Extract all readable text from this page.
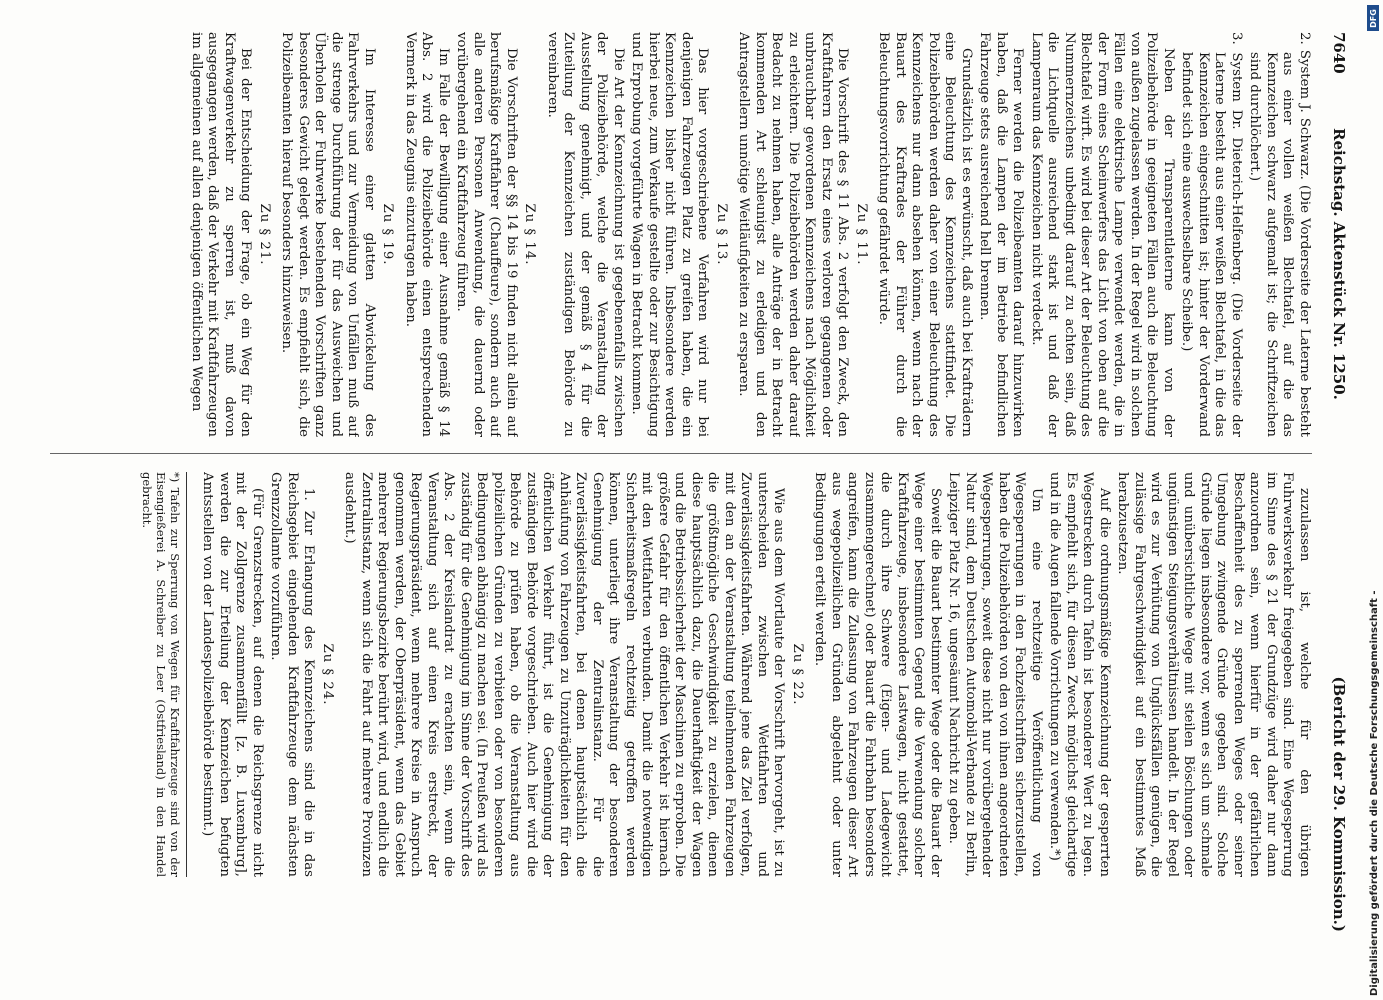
7640
Reichstag. Aktenstück Nr. 1250.
(Bericht der 29. Kommission.)

2. System J. Schwarz. (Die Vorderseite der Laterne besteht aus einer vollen weißen Blechtafel, auf die das Kennzeichen schwarz aufgemalt ist; die Schriftzeichen sind durchlöchert.)

3. System Dr. Dieterich-Helfenberg. (Die Vorderseite der Laterne besteht aus einer weißen Blechtafel, in die das Kennzeichen eingeschnitten ist; hinter der Vorderwand befindet sich eine auswechselbare Scheibe.)

Neben der Transparentlaterne kann von der Polizeibehörde in geeigneten Fällen auch die Beleuchtung von außen zugelassen werden. In der Regel wird in solchen Fällen eine elektrische Lampe verwendet werden, die in der Form eines Scheinwerfers das Licht von oben auf die Blechtafel wirft. Es wird bei dieser Art der Beleuchtung des Nummernzeichens unbedingt darauf zu achten sein, daß die Lichtquelle ausreichend stark ist und daß der Lampenraum das Kennzeichen nicht verdeckt.

Ferner werden die Polizeibeamten darauf hinzuwirken haben, daß die Lampen der im Betriebe befindlichen Fahrzeuge stets ausreichend hell brennen.

Grundsätzlich ist es erwünscht, daß auch bei Krafträdern eine Beleuchtung des Kennzeichens stattfindet. Die Polizeibehörden werden daher von einer Beleuchtung des Kennzeichens nur dann absehen können, wenn nach der Bauart des Kraftrades der Führer durch die Beleuchtungsvorrichtung gefährdet würde.

Zu § 11.

Die Vorschrift des § 11 Abs. 2 verfolgt den Zweck, den Kraftfahrern den Ersatz eines verloren gegangenen oder unbrauchbar gewordenen Kennzeichens nach Möglichkeit zu erleichtern. Die Polizeibehörden werden daher darauf Bedacht zu nehmen haben, alle Anträge der in Betracht kommenden Art schleunigst zu erledigen und den Antragstellern unnötige Weitläufigkeiten zu ersparen.

Zu § 13.

Das hier vorgeschriebene Verfahren wird nur bei denjenigen Fahrzeugen Platz zu greifen haben, die ein Kennzeichen bisher nicht führen. Insbesondere werden hierbei neue, zum Verkaufe gestellte oder zur Besichtigung und Erprobung vorgeführte Wagen in Betracht kommen.

Die Art der Kennzeichnung ist gegebenenfalls zwischen der Polizeibehörde, welche die Veranstaltung der Ausstellung genehmigt, und der gemäß § 4 für die Zuteilung der Kennzeichen zuständigen Behörde zu vereinbaren.

Zu § 14.

Die Vorschriften der §§ 14 bis 19 finden nicht allein auf berufsmäßige Kraftfahrer (Chauffeure), sondern auch auf alle anderen Personen Anwendung, die dauernd oder vorübergehend ein Kraftfahrzeug führen.

Im Falle der Bewilligung einer Ausnahme gemäß § 14 Abs. 2 wird die Polizeibehörde einen entsprechenden Vermerk in das Zeugnis einzutragen haben.

Zu § 19.

Im Interesse einer glatten Abwickelung des Fahrverkehrs und zur Vermeidung von Unfällen muß auf die strenge Durchführung der für das Ausweichen und Überholen der Fuhrwerke bestehenden Vorschriften ganz besonderes Gewicht gelegt werden. Es empfiehlt sich, die Polizeibeamten hierauf besonders hinzuweisen.

Zu § 21.

Bei der Entscheidung der Frage, ob ein Weg für den Kraftwagenverkehr zu sperren ist, muß davon ausgegangen werden, daß der Verkehr mit Kraftfahrzeugen im allgemeinen auf allen denjenigen öffentlichen Wegen

zuzulassen ist, welche für den übrigen Fuhrwerksverkehr freigegeben sind. Eine Wegesperrung im Sinne des § 21 der Grundzüge wird daher nur dann anzuordnen sein, wenn hierfür in der gefährlichen Beschaffenheit des zu sperrenden Weges oder seiner Umgebung zwingende Gründe gegeben sind. Solche Gründe liegen insbesondere vor, wenn es sich um schmale und unübersichtliche Wege mit steilen Böschungen oder ungünstigen Steigungsverhältnissen handelt. In der Regel wird es zur Verhütung von Unglücksfällen genügen, die zulässige Fahrgeschwindigkeit auf ein bestimmtes Maß herabzusetzen.

Auf die ordnungsmäßige Kennzeichnung der gesperrten Wegestrecken durch Tafeln ist besonderer Wert zu legen. Es empfiehlt sich, für diesen Zweck möglichst gleichartige und in die Augen fallende Vorrichtungen zu verwenden.*)

Um eine rechtzeitige Veröffentlichung von Wegesperrungen in den Fachzeitschriften sicherzustellen, haben die Polizeibehörden von den von ihnen angeordneten Wegesperrungen, soweit diese nicht nur vorübergehender Natur sind, dem Deutschen Automobil-Verbande zu Berlin, Leipziger Platz Nr. 16, ungesäumt Nachricht zu geben.

Soweit die Bauart bestimmter Wege oder die Bauart der Wege einer bestimmten Gegend die Verwendung solcher Kraftfahrzeuge, insbesondere Lastwagen, nicht gestattet, die durch ihre Schwere (Eigen- und Ladegewicht zusammengerechnet) oder Bauart die Fahrbahn besonders angreifen, kann die Zulassung von Fahrzeugen dieser Art aus wegepolizeilichen Gründen abgelehnt oder unter Bedingungen erteilt werden.

Zu § 22.

Wie aus dem Wortlaute der Vorschrift hervorgeht, ist zu unterscheiden zwischen Wettfahrten und Zuverlässigkeitsfahrten. Während jene das Ziel verfolgen, mit den an der Veranstaltung teilnehmenden Fahrzeugen die größtmögliche Geschwindigkeit zu erzielen, dienen diese hauptsächlich dazu, die Dauerhaftigkeit der Wagen und die Betriebssicherheit der Maschinen zu erproben. Die größere Gefahr für den öffentlichen Verkehr ist hiernach mit den Wettfahrten verbunden. Damit die notwendigen Sicherheitsmaßregeln rechtzeitig getroffen werden können, unterliegt ihre Veranstaltung der besonderen Genehmigung der Zentralinstanz. Für die Zuverlässigkeitsfahrten, bei denen hauptsächlich die Anhäufung von Fahrzeugen zu Unzuträglichkeiten für den öffentlichen Verkehr führt, ist die Genehmigung der zuständigen Behörde vorgeschrieben. Auch hier wird die Behörde zu prüfen haben, ob die Veranstaltung aus polizeilichen Gründen zu verbieten oder von besonderen Bedingungen abhängig zu machen sei. (In Preußen wird als zuständig für die Genehmigung im Sinne der Vorschrift des Abs. 2 der Kreislandrat zu erachten sein, wenn die Veranstaltung sich auf einen Kreis erstreckt, der Regierungspräsident, wenn mehrere Kreise in Anspruch genommen werden, der Oberpräsident, wenn das Gebiet mehrerer Regierungsbezirke berührt wird, und endlich die Zentralinstanz, wenn sich die Fahrt auf mehrere Provinzen ausdehnt.)

Zu § 24.

1. Zur Erlangung des Kennzeichens sind die in das Reichsgebiet eingehenden Kraftfahrzeuge dem nächsten Grenzzollamte vorzuführen.

(Für Grenzstrecken, auf denen die Reichsgrenze nicht mit der Zollgrenze zusammenfällt [z. B. Luxemburg], werden die zur Erteilung der Kennzeichen befugten Amtsstellen von der Landespolizeibehörde bestimmt.)

*) Tafeln zur Sperrung von Wegen für Kraftfahrzeuge sind von der Eisengießerei A. Schreiber zu Leer (Ostfriesland) in den Handel gebracht.

Digitalisierung gefördert durch die Deutsche Forschungsgemeinschaft -
DFG
